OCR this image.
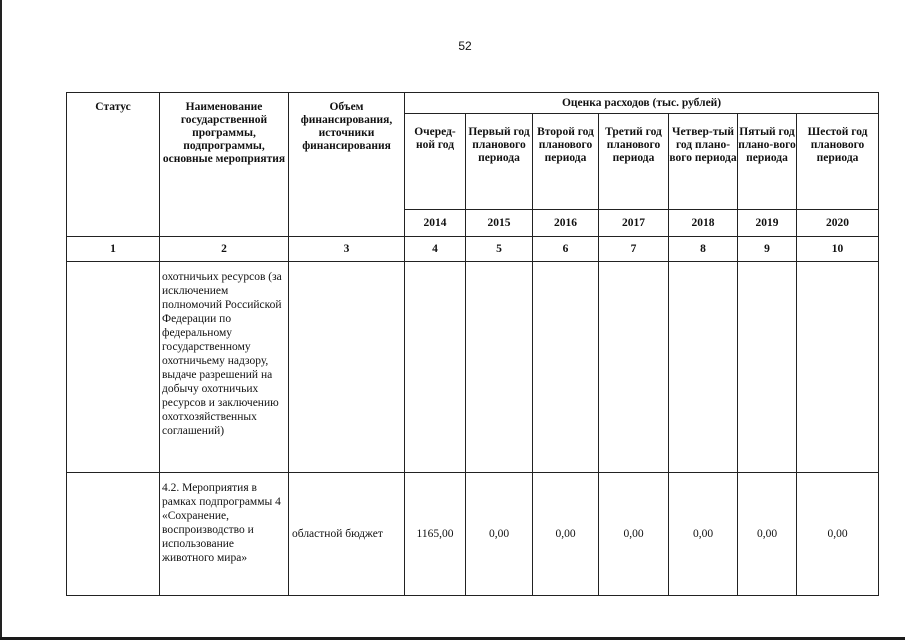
52
Статус	Наименование государственной программы, подпрограммы, основные мероприятия	Объем финансирования, источники финансирования	Оценка расходов (тыс. рублей)						
			Очеред-ной год	Первый год планового периода	Второй год планового периода	Третий год планового периода	Четвер-тый год плано-вого периода	Пятый год плано-вого периода	Шестой год планового периода
			2014	2015	2016	2017	2018	2019	2020
1	2	3	4	5	6	7	8	9	10
	охотничьих ресурсов (за исключением полномочий Российской Федерации по федеральному государственному охотничьему надзору, выдаче разрешений на добычу охотничьих ресурсов и заключению охотхозяйственных соглашений)								
	4.2. Мероприятия в рамках подпрограммы 4 «Сохранение, воспроизводство и использование животного мира»	областной бюджет	1165,00	0,00	0,00	0,00	0,00	0,00	0,00
